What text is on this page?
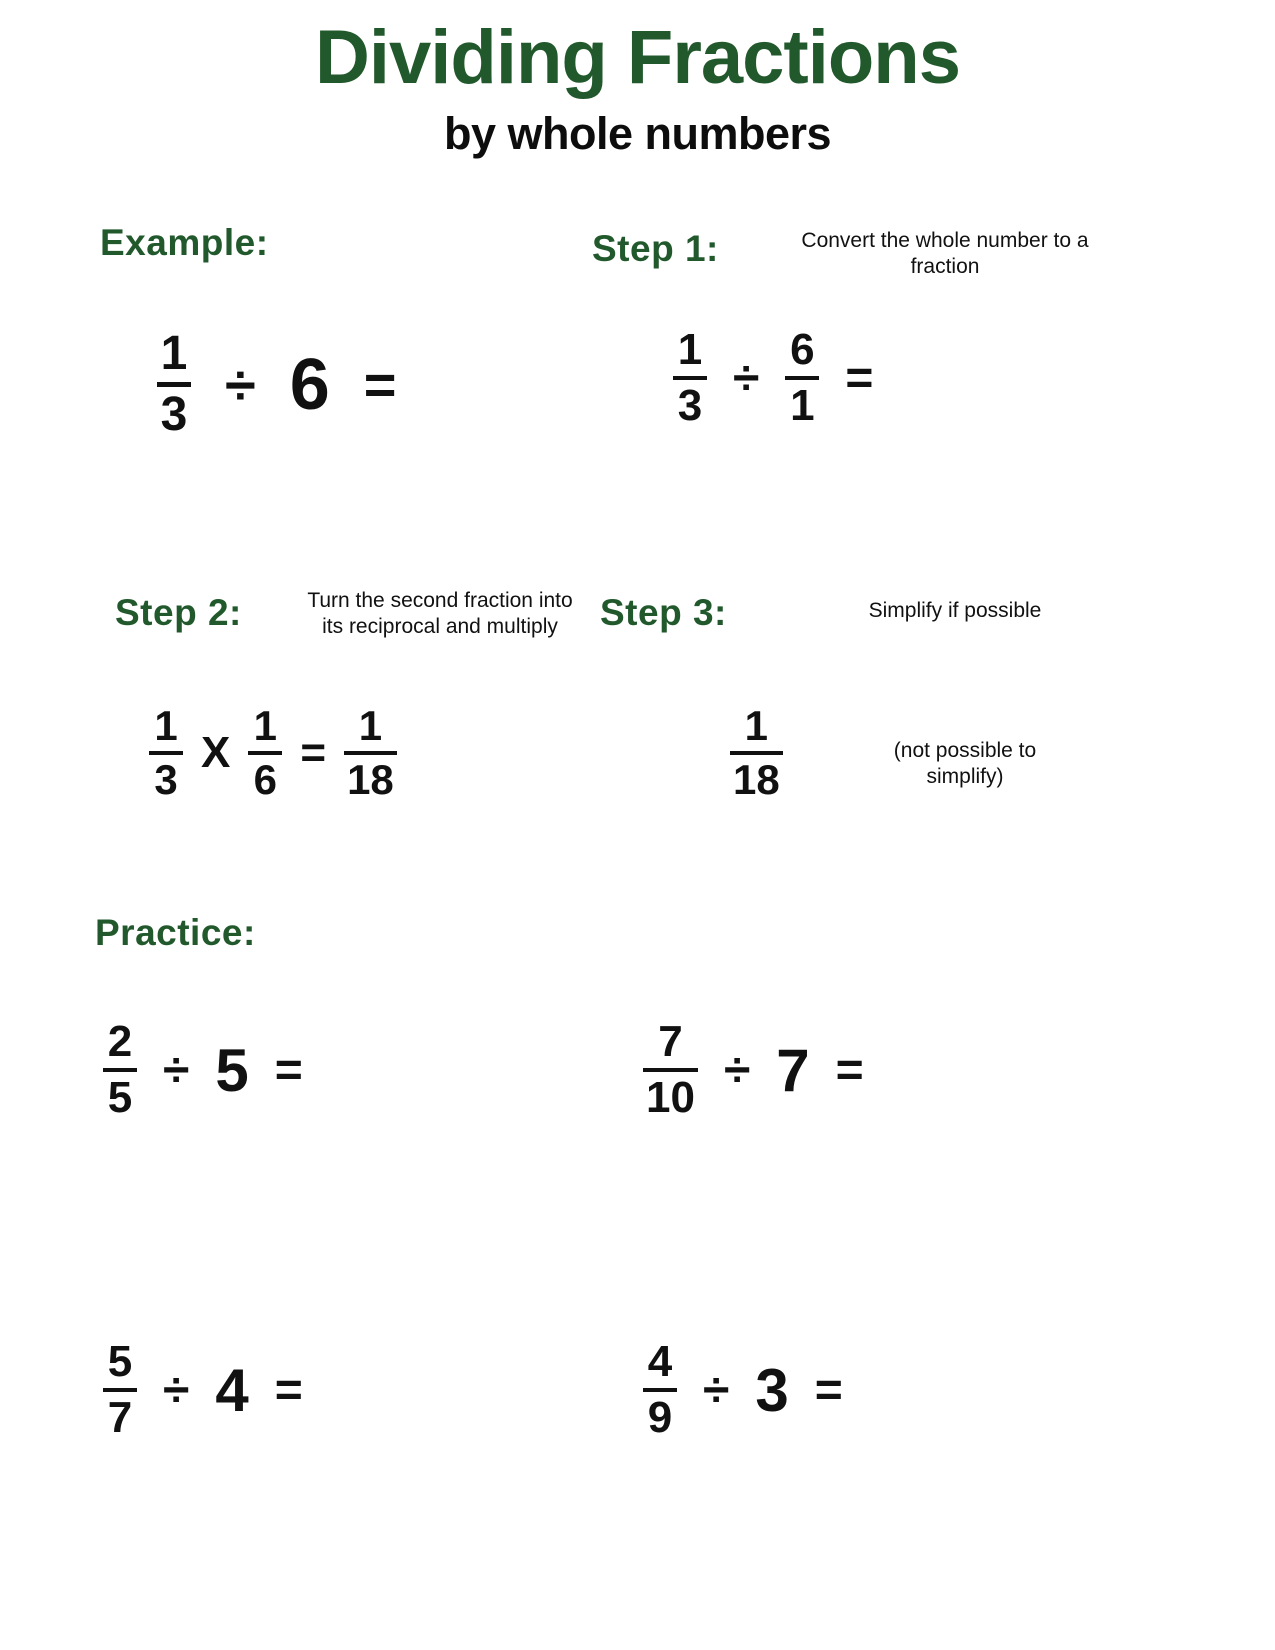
Dividing Fractions
by whole numbers
Example:
1
3 ÷ 6 =
Step 1:	Convert the whole number to a fraction
$\frac{1}{3} \div \frac{6}{1}$ =
Step 2:	Turn the second fraction into its reciprocal and multiply
$\frac{1}{3}$ X $\frac{1}{6} = \frac{1}{18}$
Step 3:	Simplify if possible
$\frac{1}{18}$	(not possible to simplify)
Practice:
$\frac{2}{5} \div 5$ =	$\frac{7}{10} \div 7$ =
$\frac{5}{7} \div 4$ =	$\frac{4}{9} \div 3$ =
